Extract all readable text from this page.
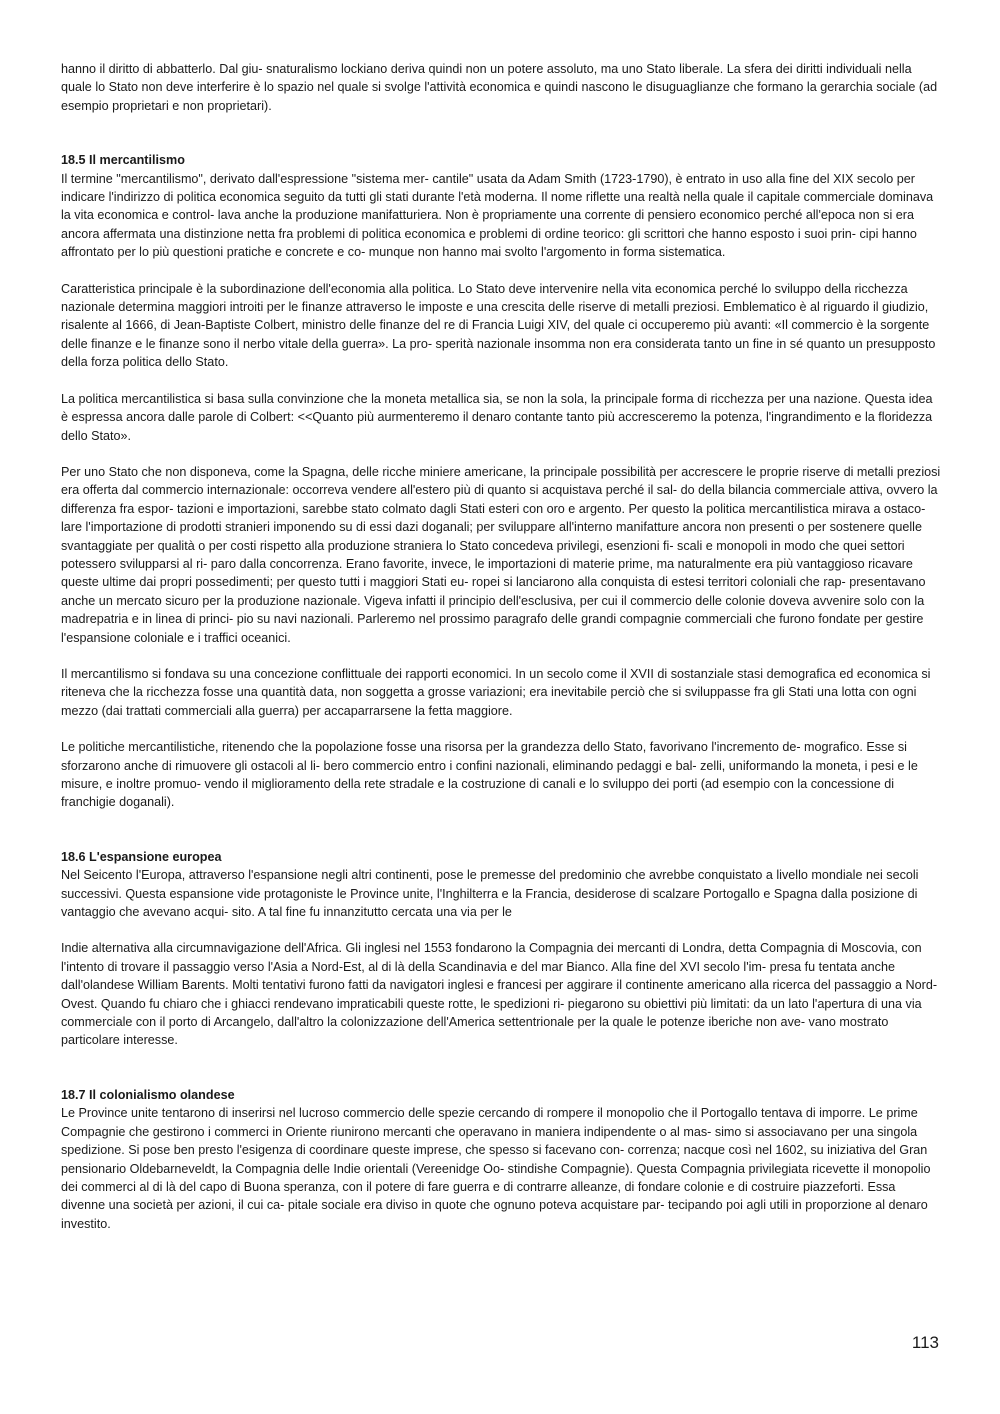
hanno il diritto di abbatterlo. Dal giu- snaturalismo lockiano deriva quindi non un potere assoluto, ma uno Stato liberale. La sfera dei diritti individuali nella quale lo Stato non deve interferire è lo spazio nel quale si svolge l'attività economica e quindi nascono le disuguaglianze che formano la gerarchia sociale (ad esempio proprietari e non proprietari).

18.5 Il mercantilismo

Il termine "mercantilismo", derivato dall'espressione "sistema mer- cantile" usata da Adam Smith (1723-1790), è entrato in uso alla fine del XIX secolo per indicare l'indirizzo di politica economica seguito da tutti gli stati durante l'età moderna. Il nome riflette una realtà nella quale il capitale commerciale dominava la vita economica e control- lava anche la produzione manifatturiera. Non è propriamente una corrente di pensiero economico perché all'epoca non si era ancora affermata una distinzione netta fra problemi di politica economica e problemi di ordine teorico: gli scrittori che hanno esposto i suoi prin- cipi hanno affrontato per lo più questioni pratiche e concrete e co- munque non hanno mai svolto l'argomento in forma sistematica.

Caratteristica principale è la subordinazione dell'economia alla politica. Lo Stato deve intervenire nella vita economica perché lo sviluppo della ricchezza nazionale determina maggiori introiti per le finanze attraverso le imposte e una crescita delle riserve di metalli preziosi. Emblematico è al riguardo il giudizio, risalente al 1666, di Jean-Baptiste Colbert, ministro delle finanze del re di Francia Luigi XIV, del quale ci occuperemo più avanti: «Il commercio è la sorgente delle finanze e le finanze sono il nerbo vitale della guerra». La pro- sperità nazionale insomma non era considerata tanto un fine in sé quanto un presupposto della forza politica dello Stato.

La politica mercantilistica si basa sulla convinzione che la moneta metallica sia, se non la sola, la principale forma di ricchezza per una nazione. Questa idea è espressa ancora dalle parole di Colbert: <<Quanto più aurmenteremo il denaro contante tanto più accresceremo la potenza, l'ingrandimento e la floridezza dello Stato».

Per uno Stato che non disponeva, come la Spagna, delle ricche miniere americane, la principale possibilità per accrescere le proprie riserve di metalli preziosi era offerta dal commercio internazionale: occorreva vendere all'estero più di quanto si acquistava perché il sal- do della bilancia commerciale attiva, ovvero la differenza fra espor- tazioni e importazioni, sarebbe stato colmato dagli Stati esteri con oro e argento. Per questo la politica mercantilistica mirava a ostaco-lare l'importazione di prodotti stranieri imponendo su di essi dazi doganali; per sviluppare all'interno manifatture ancora non presenti o per sostenere quelle svantaggiate per qualità o per costi rispetto alla produzione straniera lo Stato concedeva privilegi, esenzioni fi- scali e monopoli in modo che quei settori potessero svilupparsi al ri- paro dalla concorrenza. Erano favorite, invece, le importazioni di materie prime, ma naturalmente era più vantaggioso ricavare queste ultime dai propri possedimenti; per questo tutti i maggiori Stati eu- ropei si lanciarono alla conquista di estesi territori coloniali che rap- presentavano anche un mercato sicuro per la produzione nazionale. Vigeva infatti il principio dell'esclusiva, per cui il commercio delle colonie doveva avvenire solo con la madrepatria e in linea di princi- pio su navi nazionali. Parleremo nel prossimo paragrafo delle grandi compagnie commerciali che furono fondate per gestire l'espansione coloniale e i traffici oceanici.

Il mercantilismo si fondava su una concezione conflittuale dei rapporti economici. In un secolo come il XVII di sostanziale stasi demografica ed economica si riteneva che la ricchezza fosse una quantità data, non soggetta a grosse variazioni; era inevitabile perciò che si sviluppasse fra gli Stati una lotta con ogni mezzo (dai trattati commerciali alla guerra) per accaparrarsene la fetta maggiore.

Le politiche mercantilistiche, ritenendo che la popolazione fosse una risorsa per la grandezza dello Stato, favorivano l'incremento de- mografico. Esse si sforzarono anche di rimuovere gli ostacoli al li- bero commercio entro i confini nazionali, eliminando pedaggi e bal- zelli, uniformando la moneta, i pesi e le misure, e inoltre promuo- vendo il miglioramento della rete stradale e la costruzione di canali e lo sviluppo dei porti (ad esempio con la concessione di franchigie doganali).

18.6 L'espansione europea

Nel Seicento l'Europa, attraverso l'espansione negli altri continenti, pose le premesse del predominio che avrebbe conquistato a livello mondiale nei secoli successivi. Questa espansione vide protagoniste le Province unite, l'Inghilterra e la Francia, desiderose di scalzare Portogallo e Spagna dalla posizione di vantaggio che avevano acqui- sito. A tal fine fu innanzitutto cercata una via per le

Indie alternativa alla circumnavigazione dell'Africa. Gli inglesi nel 1553 fondarono la Compagnia dei mercanti di Londra, detta Compagnia di Moscovia, con l'intento di trovare il passaggio verso l'Asia a Nord-Est, al di là della Scandinavia e del mar Bianco. Alla fine del XVI secolo l'im- presa fu tentata anche dall'olandese William Barents. Molti tentativi furono fatti da navigatori inglesi e francesi per aggirare il continente americano alla ricerca del passaggio a Nord-Ovest. Quando fu chiaro che i ghiacci rendevano impraticabili queste rotte, le spedizioni ri- piegarono su obiettivi più limitati: da un lato l'apertura di una via commerciale con il porto di Arcangelo, dall'altro la colonizzazione dell'America settentrionale per la quale le potenze iberiche non ave- vano mostrato particolare interesse.

18.7 Il colonialismo olandese

Le Province unite tentarono di inserirsi nel lucroso commercio delle spezie cercando di rompere il monopolio che il Portogallo tentava di imporre. Le prime Compagnie che gestirono i commerci in Oriente riunirono mercanti che operavano in maniera indipendente o al mas- simo si associavano per una singola spedizione. Si pose ben presto l'esigenza di coordinare queste imprese, che spesso si facevano con- correnza; nacque così nel 1602, su iniziativa del Gran pensionario Oldebarneveldt, la Compagnia delle Indie orientali (Vereenidge Oo- stindishe Compagnie). Questa Compagnia privilegiata ricevette il monopolio dei commerci al di là del capo di Buona speranza, con il potere di fare guerra e di contrarre alleanze, di fondare colonie e di costruire piazzeforti. Essa divenne una società per azioni, il cui ca- pitale sociale era diviso in quote che ognuno poteva acquistare par- tecipando poi agli utili in proporzione al denaro investito.

113
